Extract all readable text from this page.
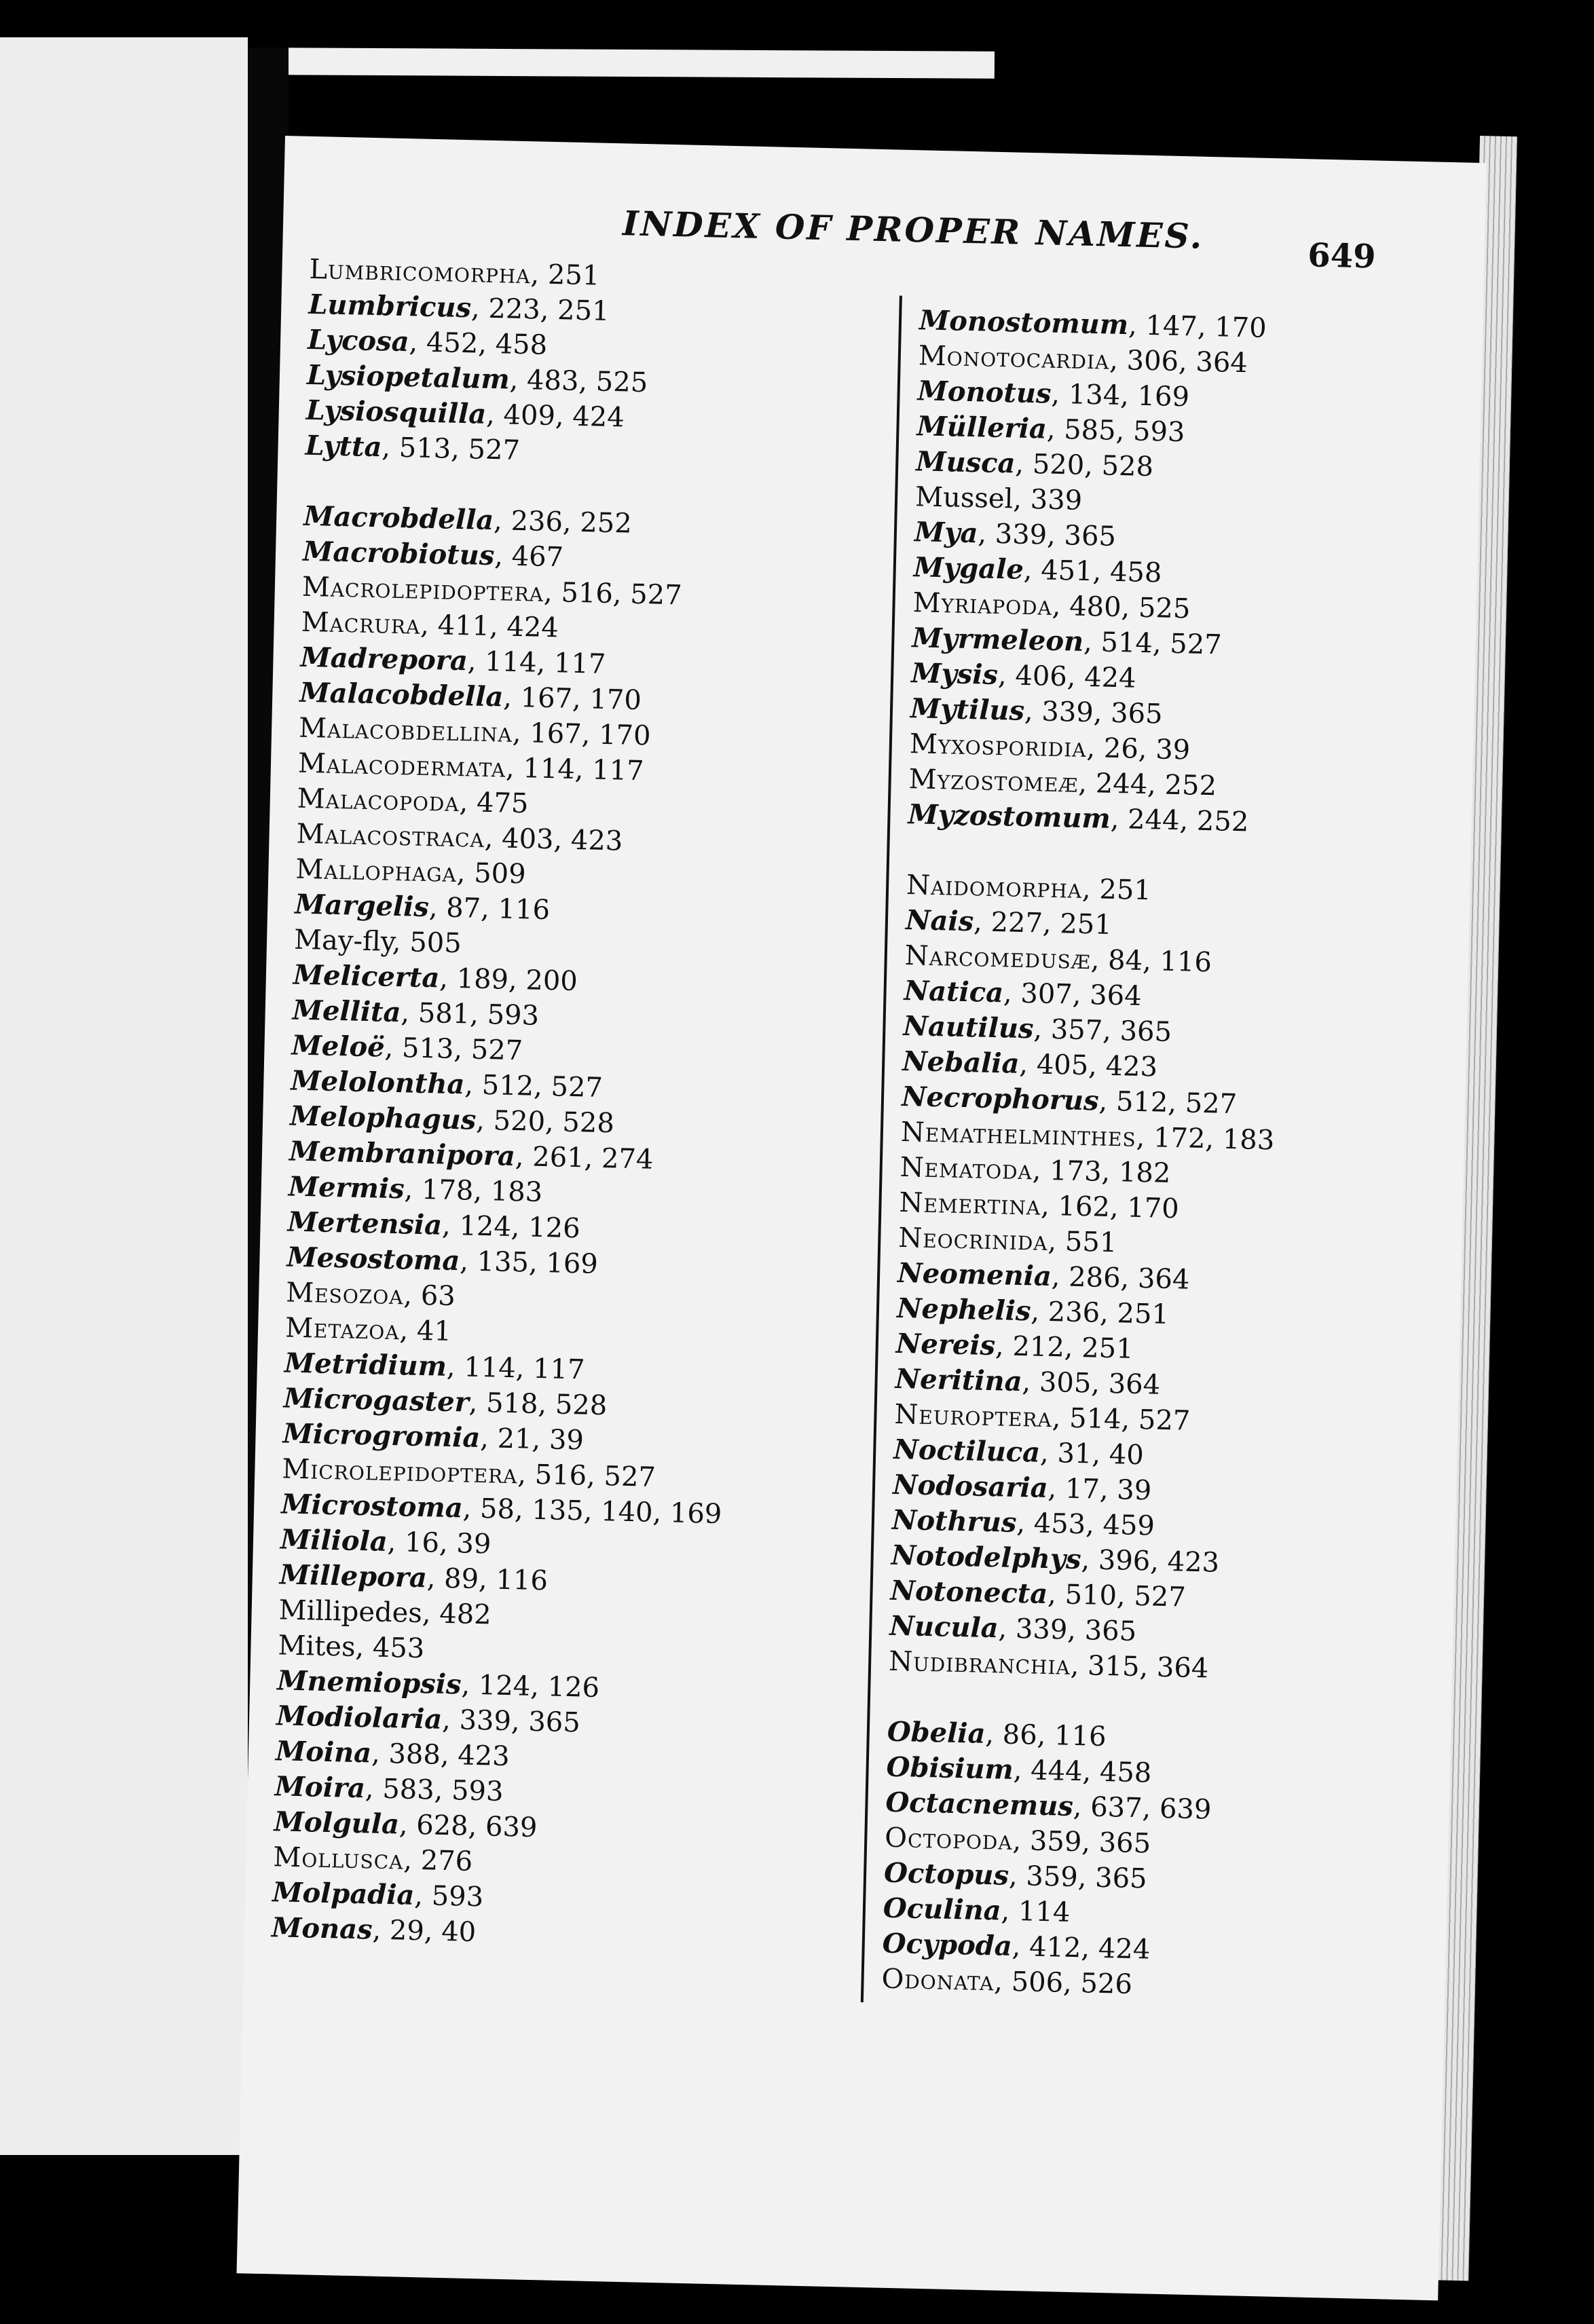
INDEX OF PROPER NAMES.	649
Lumbricomorpha, 251
Lumbricus, 223, 251
Lycosa, 452, 458
Lysiopetalum, 483, 525
Lysiosquilla, 409, 424
Lytta, 513, 527
Macrobdella, 236, 252
Macrobiotus, 467
Macrolepidoptera, 516, 527
Macrura, 411, 424
Madrepora, 114, 117
Malacobdella, 167, 170
Malacobdellina, 167, 170
Malacodermata, 114, 117
Malacopoda, 475
Malacostraca, 403, 423
Mallophaga, 509
Margelis, 87, 116
May-fly, 505
Melicerta, 189, 200
Mellita, 581, 593
Meloë, 513, 527
Melolontha, 512, 527
Melophagus, 520, 528
Membranipora, 261, 274
Mermis, 178, 183
Mertensia, 124, 126
Mesostoma, 135, 169
Mesozoa, 63
Metazoa, 41
Metridium, 114, 117
Microgaster, 518, 528
Microgromia, 21, 39
Microlepidoptera, 516, 527
Microstoma, 58, 135, 140, 169
Miliola, 16, 39
Millepora, 89, 116
Millipedes, 482
Mites, 453
Mnemiopsis, 124, 126
Modiolaria, 339, 365
Moina, 388, 423
Moira, 583, 593
Molgula, 628, 639
Mollusca, 276
Molpadia, 593
Monas, 29, 40
Monostomum, 147, 170
Monotocardia, 306, 364
Monotus, 134, 169
Mülleria, 585, 593
Musca, 520, 528
Mussel, 339
Mya, 339, 365
Mygale, 451, 458
Myriapoda, 480, 525
Myrmeleon, 514, 527
Mysis, 406, 424
Mytilus, 339, 365
Myxosporidia, 26, 39
Myzostomeæ, 244, 252
Myzostomum, 244, 252
Naidomorpha, 251
Nais, 227, 251
Narcomedusæ, 84, 116
Natica, 307, 364
Nautilus, 357, 365
Nebalia, 405, 423
Necrophorus, 512, 527
Nemathelminthes, 172, 183
Nematoda, 173, 182
Nemertina, 162, 170
Neocrinida, 551
Neomenia, 286, 364
Nephelis, 236, 251
Nereis, 212, 251
Neritina, 305, 364
Neuroptera, 514, 527
Noctiluca, 31, 40
Nodosaria, 17, 39
Nothrus, 453, 459
Notodelphys, 396, 423
Notonecta, 510, 527
Nucula, 339, 365
Nudibranchia, 315, 364
Obelia, 86, 116
Obisium, 444, 458
Octacnemus, 637, 639
Octopoda, 359, 365
Octopus, 359, 365
Oculina, 114
Ocypoda, 412, 424
Odonata, 506, 526
